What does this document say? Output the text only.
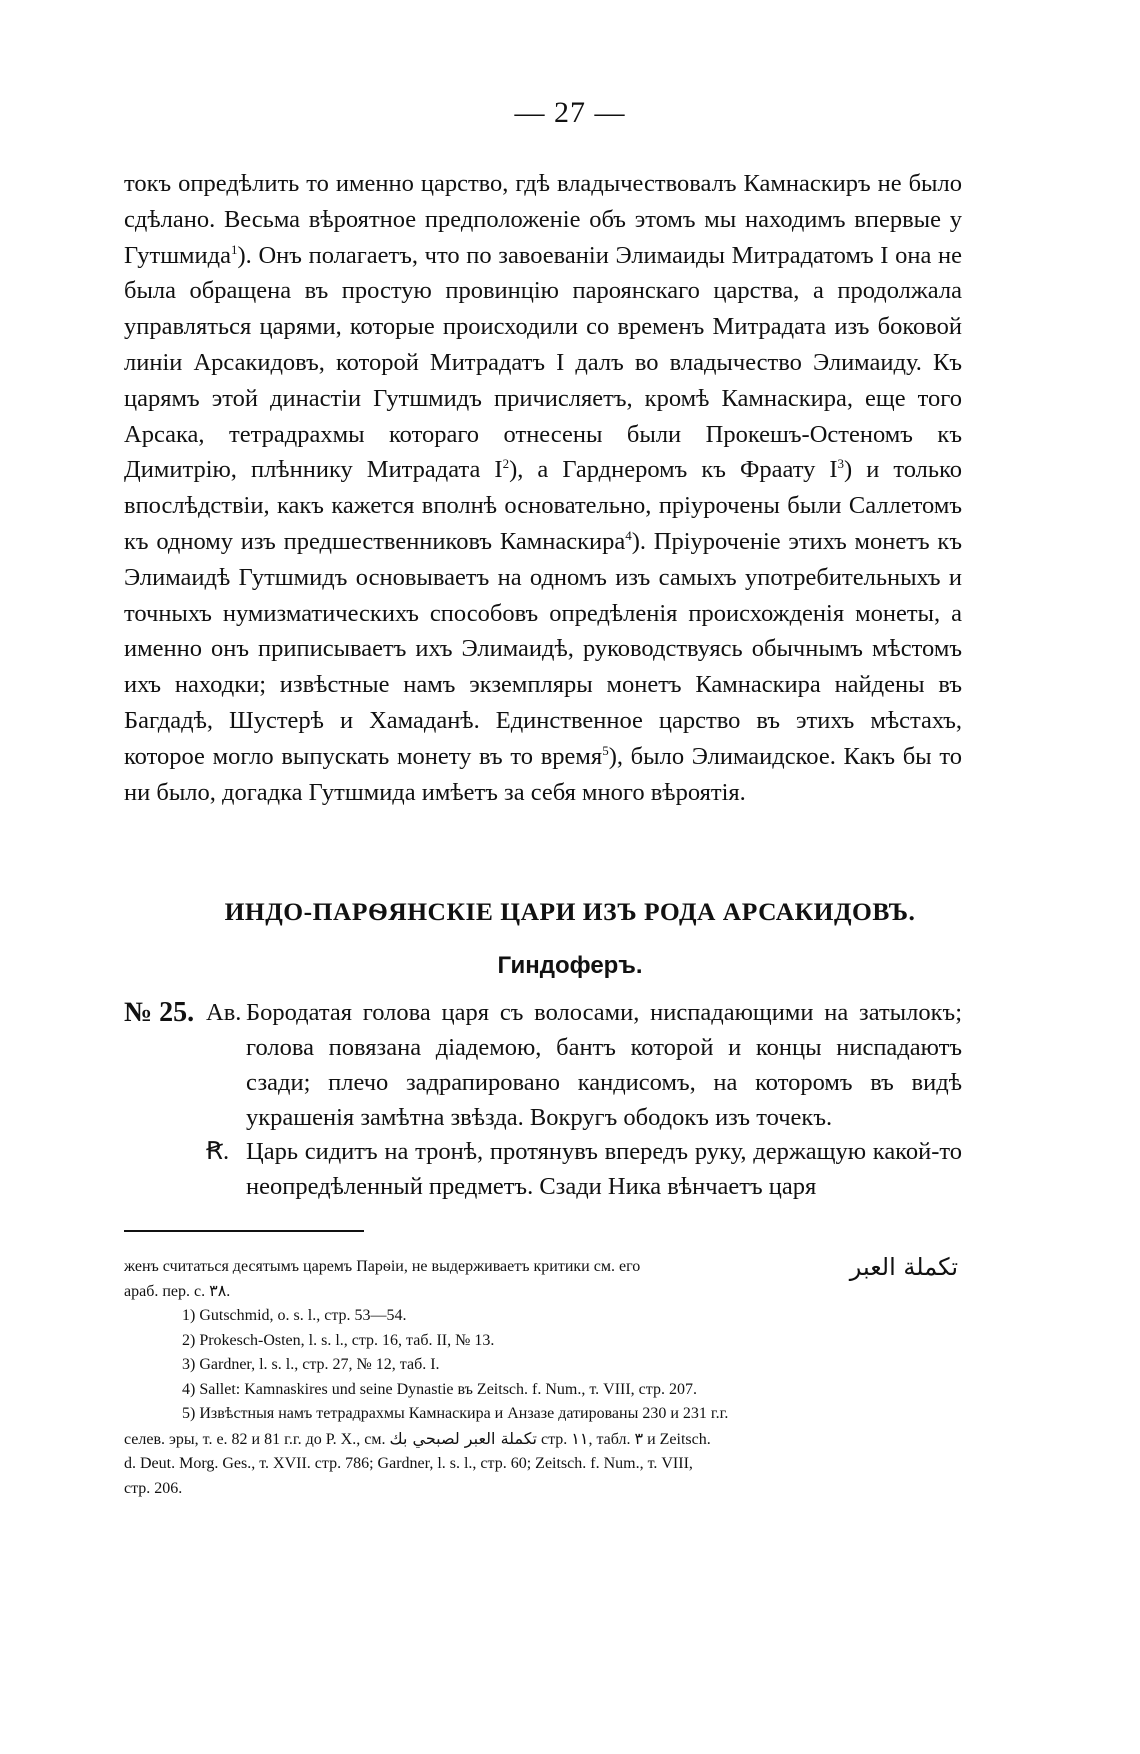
— 27 —

токъ опредѣлить то именно царство, гдѣ владычествовалъ Камнаскиръ не было сдѣлано. Весьма вѣроятное предположеніе объ этомъ мы находимъ впервые у Гутшмида$^1$). Онъ полагаетъ, что по завоеваніи Элимаиды Митрадатомъ I она не была обращена въ простую провинцію пароянскаго царства, а продолжала управляться царями, которые происходили со временъ Митрадата изъ боковой линіи Арсакидовъ, которой Митрадатъ I далъ во владычество Элимаиду. Къ царямъ этой династіи Гутшмидъ причисляетъ, кромѣ Камнаскира, еще того Арсака, тетрадрахмы котораго отнесены были Прокешъ-Остеномъ къ Димитрію, плѣннику Митрадата $I^2$), а Гарднеромъ къ Фраату $I^3$) и только впослѣдствіи, какъ кажется вполнѣ основательно, пріурочены были Саллетомъ къ одному изъ предшественниковъ Камнаскира$^4$). Пріуроченіе этихъ монетъ къ Элимаидѣ Гутшмидъ основываетъ на одномъ изъ самыхъ употребительныхъ и точныхъ нумизматическихъ способовъ опредѣленія происхожденія монеты, а именно онъ приписываетъ ихъ Элимаидѣ, руководствуясь обычнымъ мѣстомъ ихъ находки; извѣстные намъ экземпляры монетъ Камнаскира найдены въ Багдадѣ, Шустерѣ и Хамаданѣ. Единственное царство въ этихъ мѣстахъ, которое могло выпускать монету въ то время$^5$), было Элимаидское. Какъ бы то ни было, догадка Гутшмида имѣетъ за себя много вѣроятія.

ИНДО-ПАРѲЯНСКІЕ ЦАРИ ИЗЪ РОДА АРСАКИДОВЪ.
Гиндоферъ.
№ 25. Ав. Бородатая голова царя съ волосами, ниспадающими на затылокъ; голова повязана діадемою, бантъ которой и концы ниспадаютъ сзади; плечо задрапировано кандисомъ, на которомъ въ видѣ украшенія замѣтна звѣзда. Вокругъ ободокъ изъ точекъ.
Ꞧ. Царь сидитъ на тронѣ, протянувъ впередъ руку, держащую какой-то неопредѣленный предметъ. Сзади Ника вѣнчаетъ царя

женъ считаться десятымъ царемъ Парѳіи, не выдерживаетъ критики см. его	تكملة العبر

араб. пер. с. ٣٨.

1) Gutschmid, o. s. l., стр. 53—54.

2) Prokesch-Osten, l. s. l., стр. 16, таб. II, № 13.

3) Gardner, l. s. l., стр. 27, № 12, таб. I.

4) Sallet: Kamnaskires und seine Dynastie въ Zeitsch. f. Num., т. VIII, стр. 207.

5) Извѣстныя намъ тетрадрахмы Камнаскира и Анзазе датированы 230 и 231 г.г.

селев. эры, т. е. 82 и 81 г.г. до Р. Х., см. تكملة العبر لصبحي بك стр. ١١, табл. ٣ и Zeitsch.

d. Deut. Morg. Ges., т. XVII. стр. 786; Gardner, l. s. l., стр. 60; Zeitsch. f. Num., т. VIII,

стр. 206.
